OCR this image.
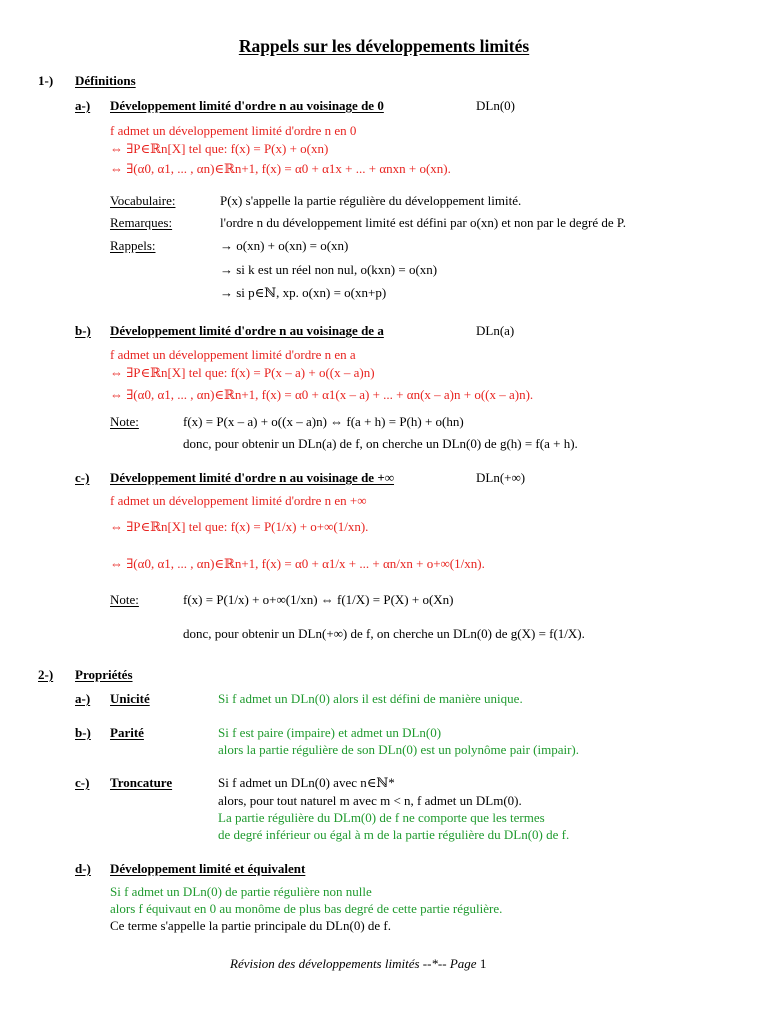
Rappels sur les développements limités
1-) Définitions
a-) Développement limité d'ordre n au voisinage de 0	DLn(0)
f admet un développement limité d'ordre n en 0
⇔ ∃P∈ℝn[X] tel que: f(x) = P(x) + o(xn)
⇔ ∃(α0, α1, ... , αn)∈ℝn+1, f(x) = α0 + α1x + ... + αnxn + o(xn).
Vocabulaire:	P(x) s'appelle la partie régulière du développement limité.
Remarques:	l'ordre n du développement limité est défini par o(xn) et non par le degré de P.
Rappels:	→ o(xn) + o(xn) = o(xn)
→ si k est un réel non nul, o(kxn) = o(xn)
→ si p∈ℕ, xp. o(xn) = o(xn+p)
b-) Développement limité d'ordre n au voisinage de a	DLn(a)
f admet un développement limité d'ordre n en a
⇔ ∃P∈ℝn[X] tel que: f(x) = P(x – a) + o((x – a)n)
⇔ ∃(α0, α1, ... , αn)∈ℝn+1, f(x) = α0 + α1(x – a) + ... + αn(x – a)n + o((x – a)n).
Note:	f(x) = P(x – a) + o((x – a)n) ⇔ f(a + h) = P(h) + o(hn)
donc, pour obtenir un DLn(a) de f, on cherche un DLn(0) de g(h) = f(a + h).
c-) Développement limité d'ordre n au voisinage de +∞	DLn(+∞)
f admet un développement limité d'ordre n en +∞
⇔ ∃P∈ℝn[X] tel que: f(x) = P(1/x) + o+∞(1/xn).
⇔ ∃(α0, α1, ... , αn)∈ℝn+1, f(x) = α0 + α1/x + ... + αn/xn + o+∞(1/xn).
Note:	f(x) = P(1/x) + o+∞(1/xn) ⇔ f(1/X) = P(X) + o(Xn)
donc, pour obtenir un DLn(+∞) de f, on cherche un DLn(0) de g(X) = f(1/X).
2-) Propriétés
a-) Unicité	Si f admet un DLn(0) alors il est défini de manière unique.
b-) Parité	Si f est paire (impaire) et admet un DLn(0)
alors la partie régulière de son DLn(0) est un polynôme pair (impair).
c-) Troncature	Si f admet un DLn(0) avec n∈ℕ*
alors, pour tout naturel m avec m < n, f admet un DLm(0).
La partie régulière du DLm(0) de f ne comporte que les termes
de degré inférieur ou égal à m de la partie régulière du DLn(0) de f.
d-) Développement limité et équivalent
Si f admet un DLn(0) de partie régulière non nulle
alors f équivaut en 0 au monôme de plus bas degré de cette partie régulière.
Ce terme s'appelle la partie principale du DLn(0) de f.
Révision des développements limités --*-- Page 1
